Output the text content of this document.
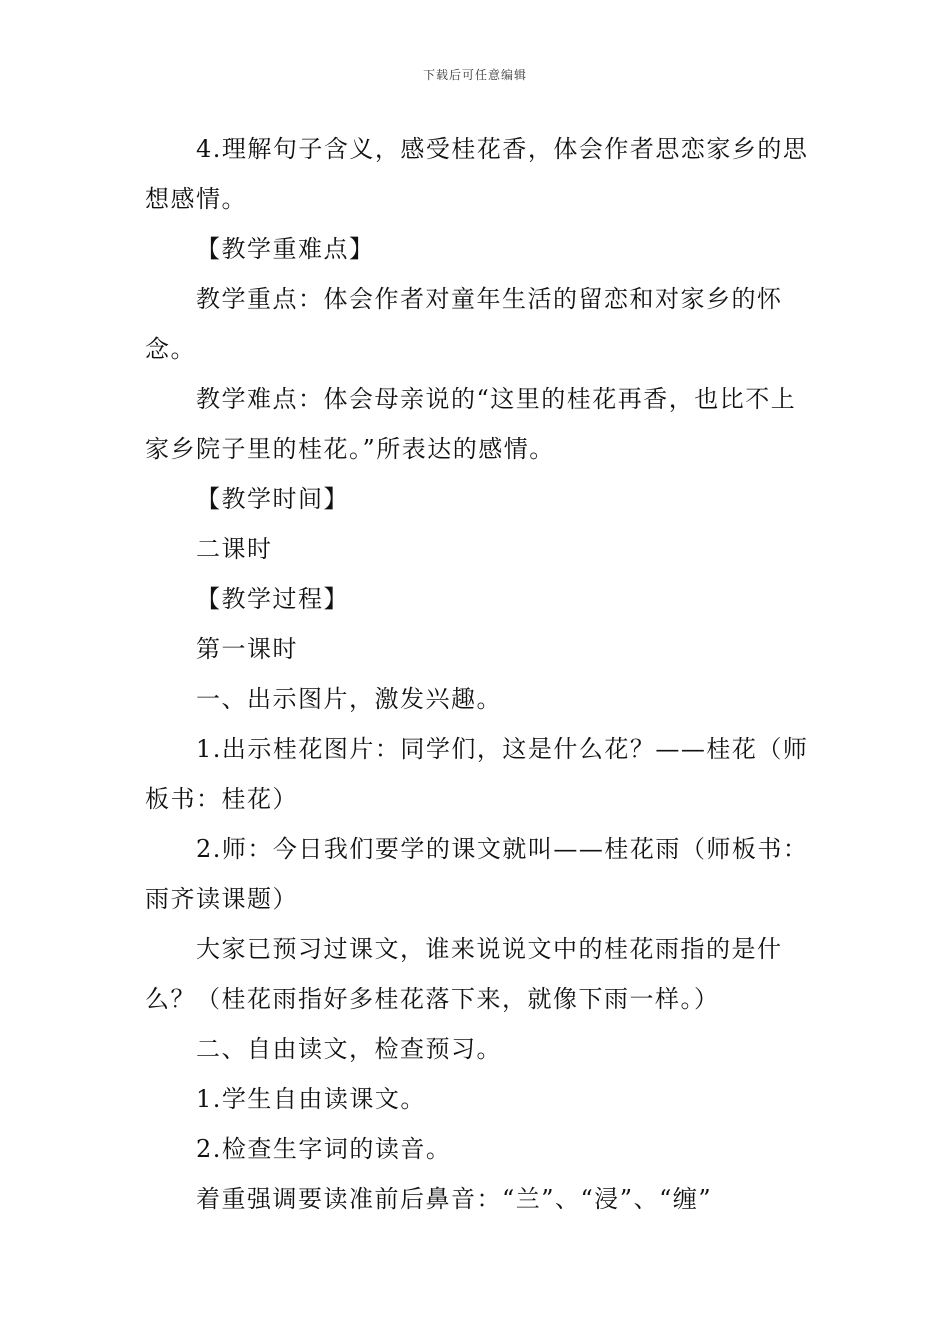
下载后可任意编辑

4.理解句子含义，感受桂花香，体会作者思恋家乡的思想感情。

【教学重难点】

教学重点：体会作者对童年生活的留恋和对家乡的怀念。

教学难点：体会母亲说的“这里的桂花再香，也比不上家乡院子里的桂花。”所表达的感情。

【教学时间】

二课时

【教学过程】

第一课时

一、出示图片，激发兴趣。

1.出示桂花图片：同学们，这是什么花？——桂花（师板书：桂花）

2.师：今日我们要学的课文就叫——桂花雨（师板书：雨齐读课题）

大家已预习过课文，谁来说说文中的桂花雨指的是什么？（桂花雨指好多桂花落下来，就像下雨一样。）

二、自由读文，检查预习。

1.学生自由读课文。

2.检查生字词的读音。

着重强调要读准前后鼻音：“兰”、“浸”、“缠”
